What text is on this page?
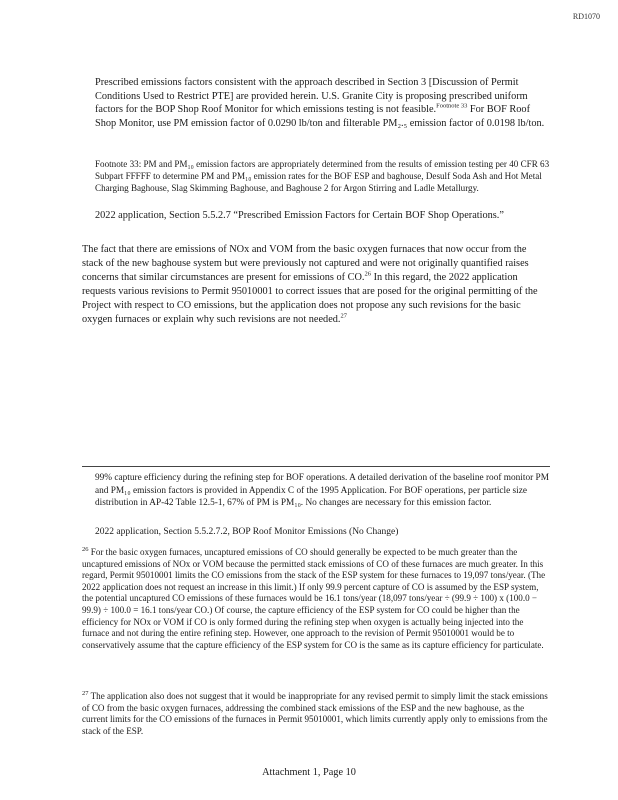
RD1070
Prescribed emissions factors consistent with the approach described in Section 3 [Discussion of Permit Conditions Used to Restrict PTE] are provided herein. U.S. Granite City is proposing prescribed uniform factors for the BOP Shop Roof Monitor for which emissions testing is not feasible.$^{Footnote 33}$ For BOF Roof Shop Monitor, use PM emission factor of 0.0290 lb/ton and filterable PM₂.₅ emission factor of 0.0198 lb/ton.
Footnote 33: PM and PM₁₀ emission factors are appropriately determined from the results of emission testing per 40 CFR 63 Subpart FFFFF to determine PM and PM₁₀ emission rates for the BOF ESP and baghouse, Desulf Soda Ash and Hot Metal Charging Baghouse, Slag Skimming Baghouse, and Baghouse 2 for Argon Stirring and Ladle Metallurgy.
2022 application, Section 5.5.2.7 “Prescribed Emission Factors for Certain BOF Shop Operations.”
The fact that there are emissions of NOx and VOM from the basic oxygen furnaces that now occur from the stack of the new baghouse system but were previously not captured and were not originally quantified raises concerns that similar circumstances are present for emissions of CO.$^{26}$ In this regard, the 2022 application requests various revisions to Permit 95010001 to correct issues that are posed for the original permitting of the Project with respect to CO emissions, but the application does not propose any such revisions for the basic oxygen furnaces or explain why such revisions are not needed.$^{27}$
99% capture efficiency during the refining step for BOF operations. A detailed derivation of the baseline roof monitor PM and PM₁₀ emission factors is provided in Appendix C of the 1995 Application. For BOF operations, per particle size distribution in AP-42 Table 12.5-1, 67% of PM is PM₁₀. No changes are necessary for this emission factor.
2022 application, Section 5.5.2.7.2, BOP Roof Monitor Emissions (No Change)
$^{26}$ For the basic oxygen furnaces, uncaptured emissions of CO should generally be expected to be much greater than the uncaptured emissions of NOx or VOM because the permitted stack emissions of CO of these furnaces are much greater. In this regard, Permit 95010001 limits the CO emissions from the stack of the ESP system for these furnaces to 19,097 tons/year. (The 2022 application does not request an increase in this limit.) If only 99.9 percent capture of CO is assumed by the ESP system, the potential uncaptured CO emissions of these furnaces would be 16.1 tons/year (18,097 tons/year ÷ (99.9 ÷ 100) x (100.0 − 99.9) ÷ 100.0 = 16.1 tons/year CO.) Of course, the capture efficiency of the ESP system for CO could be higher than the efficiency for NOx or VOM if CO is only formed during the refining step when oxygen is actually being injected into the furnace and not during the entire refining step. However, one approach to the revision of Permit 95010001 would be to conservatively assume that the capture efficiency of the ESP system for CO is the same as its capture efficiency for particulate.
$^{27}$ The application also does not suggest that it would be inappropriate for any revised permit to simply limit the stack emissions of CO from the basic oxygen furnaces, addressing the combined stack emissions of the ESP and the new baghouse, as the current limits for the CO emissions of the furnaces in Permit 95010001, which limits currently apply only to emissions from the stack of the ESP.
Attachment 1, Page 10
